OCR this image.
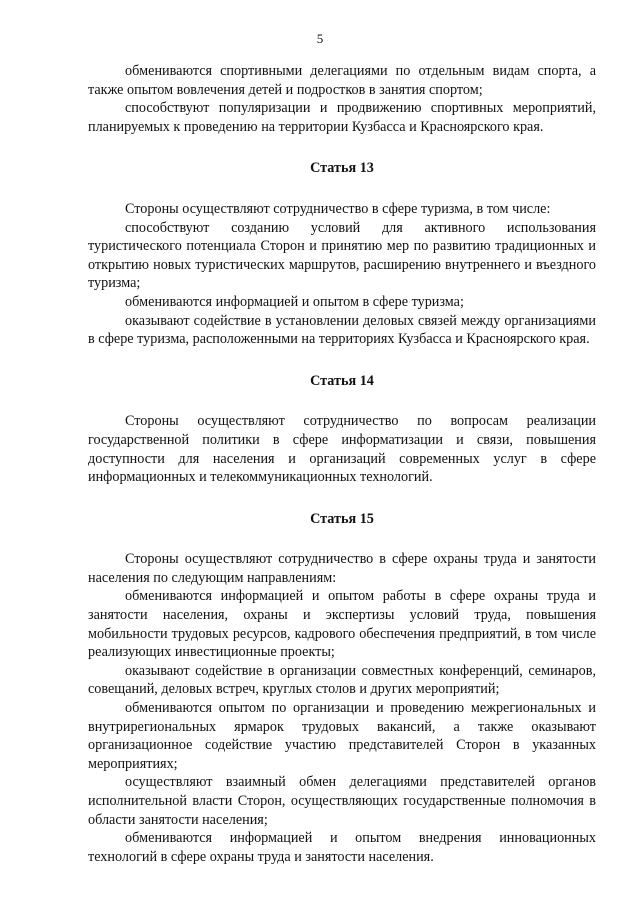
5

обмениваются спортивными делегациями по отдельным видам спорта, а также опытом вовлечения детей и подростков в занятия спортом;

способствуют популяризации и продвижению спортивных мероприятий, планируемых к проведению на территории Кузбасса и Красноярского края.

Статья 13

Стороны осуществляют сотрудничество в сфере туризма, в том числе:

способствуют созданию условий для активного использования туристического потенциала Сторон и принятию мер по развитию традиционных и открытию новых туристических маршрутов, расширению внутреннего и въездного туризма;

обмениваются информацией и опытом в сфере туризма;

оказывают содействие в установлении деловых связей между организациями в сфере туризма, расположенными на территориях Кузбасса и Красноярского края.

Статья 14

Стороны осуществляют сотрудничество по вопросам реализации государственной политики в сфере информатизации и связи, повышения доступности для населения и организаций современных услуг в сфере информационных и телекоммуникационных технологий.

Статья 15

Стороны осуществляют сотрудничество в сфере охраны труда и занятости населения по следующим направлениям:

обмениваются информацией и опытом работы в сфере охраны труда и занятости населения, охраны и экспертизы условий труда, повышения мобильности трудовых ресурсов, кадрового обеспечения предприятий, в том числе реализующих инвестиционные проекты;

оказывают содействие в организации совместных конференций, семинаров, совещаний, деловых встреч, круглых столов и других мероприятий;

обмениваются опытом по организации и проведению межрегиональных и внутрирегиональных ярмарок трудовых вакансий, а также оказывают организационное содействие участию представителей Сторон в указанных мероприятиях;

осуществляют взаимный обмен делегациями представителей органов исполнительной власти Сторон, осуществляющих государственные полномочия в области занятости населения;

обмениваются информацией и опытом внедрения инновационных технологий в сфере охраны труда и занятости населения.
